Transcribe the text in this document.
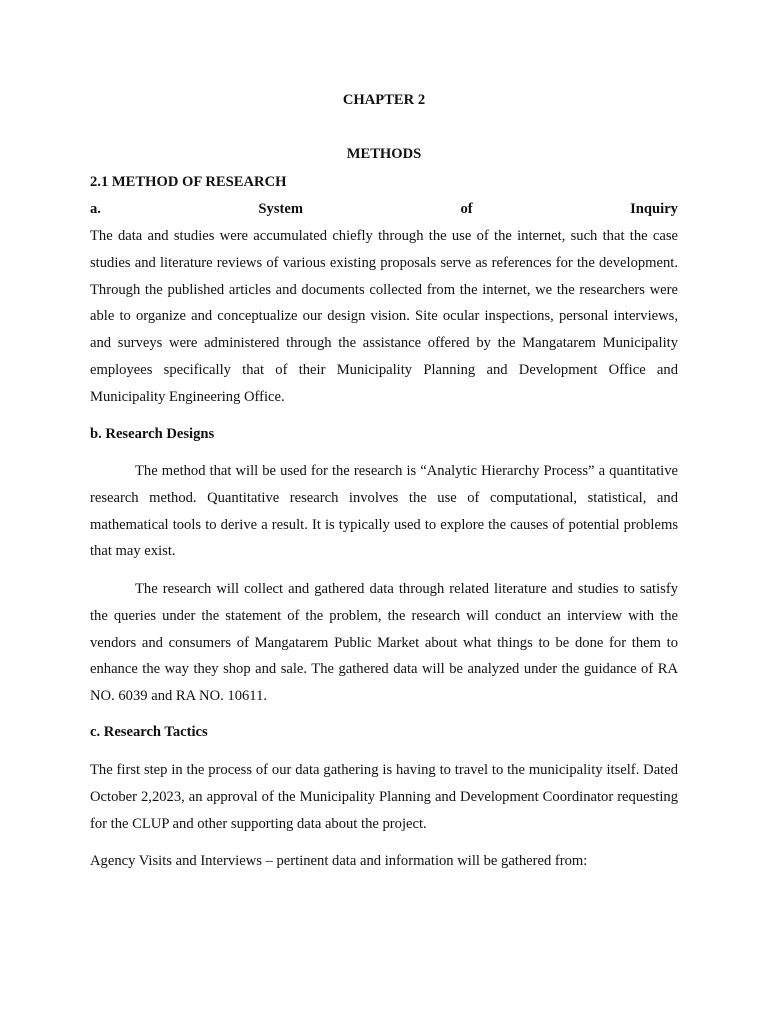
CHAPTER 2
METHODS
2.1 METHOD OF RESEARCH
a.	System	of	Inquiry

The data and studies were accumulated chiefly through the use of the internet, such that the case studies and literature reviews of various existing proposals serve as references for the development. Through the published articles and documents collected from the internet, we the researchers were able to organize and conceptualize our design vision. Site ocular inspections, personal interviews, and surveys were administered through the assistance offered by the Mangatarem Municipality employees specifically that of their Municipality Planning and Development Office and Municipality Engineering Office.

b. Research Designs

The method that will be used for the research is “Analytic Hierarchy Process” a quantitative research method. Quantitative research involves the use of computational, statistical, and mathematical tools to derive a result. It is typically used to explore the causes of potential problems that may exist.

The research will collect and gathered data through related literature and studies to satisfy the queries under the statement of the problem, the research will conduct an interview with the vendors and consumers of Mangatarem Public Market about what things to be done for them to enhance the way they shop and sale. The gathered data will be analyzed under the guidance of RA NO. 6039 and RA NO. 10611.

c. Research Tactics

The first step in the process of our data gathering is having to travel to the municipality itself. Dated October 2,2023, an approval of the Municipality Planning and Development Coordinator requesting for the CLUP and other supporting data about the project.

Agency Visits and Interviews – pertinent data and information will be gathered from:
